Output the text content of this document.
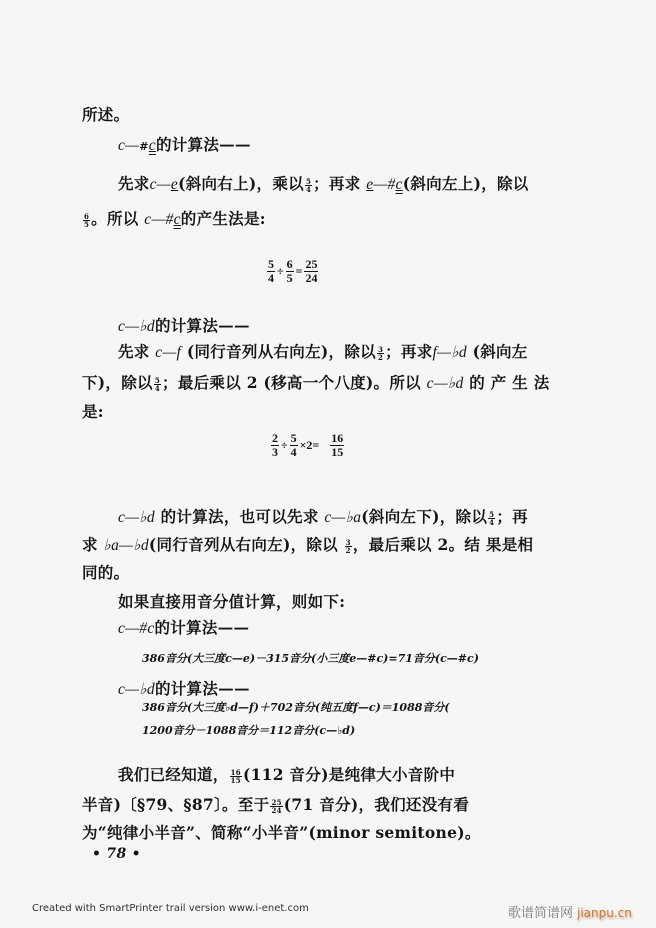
所述。
c—#c的计算法——
先求c—e(斜向右上)，乘以 $\frac{5}{4}$ ；再求 e—#c(斜向左上)，除以
$\frac{6}{5}$ 。所以 c—#c的产生法是:
$\frac{5}{4} \div \frac{6}{5} = \frac{25}{24}$
c—♭d的计算法——
先求 c—f (同行音列从右向左)，除以 $\frac{3}{2}$ ；再求f—♭d (斜向左
下)，除以 $\frac{5}{4}$ ；最后乘以 2 (移高一个八度)。所以 c—♭d 的 产 生 法
是:
$\frac{2}{3} \div \frac{5}{4} \times 2= \frac{16}{15}$
c—♭d 的计算法，也可以先求 c—♭a(斜向左下)，除以 $\frac{5}{4}$ ；再
求 ♭a—♭d(同行音列从右向左)，除以 $\frac{3}{2}$ ，最后乘以 2。结 果是相
同的。
如果直接用音分值计算，则如下:
c—#c的计算法——
386音分(大三度c—e)－315音分(小三度e—#c)=71音分(c—#c)
c—♭d的计算法——
386音分(大三度♭d—f)＋702音分(纯五度f—c)＝1088音分(
1200音分－1088音分＝112音分(c—♭d)
我们已经知道， $\frac{16}{15} (112$ 音分)是纯律大小音阶中
半音)〔§79、§87〕。至于 $\frac{25}{24} (71$ 音分)，我们还没有看
为“纯律小半音”、简称“小半音”(minor semitone)。
• 78 •
Created with SmartPrinter trail version www.i-enet.com	歌谱简谱网 jianpu.cn
